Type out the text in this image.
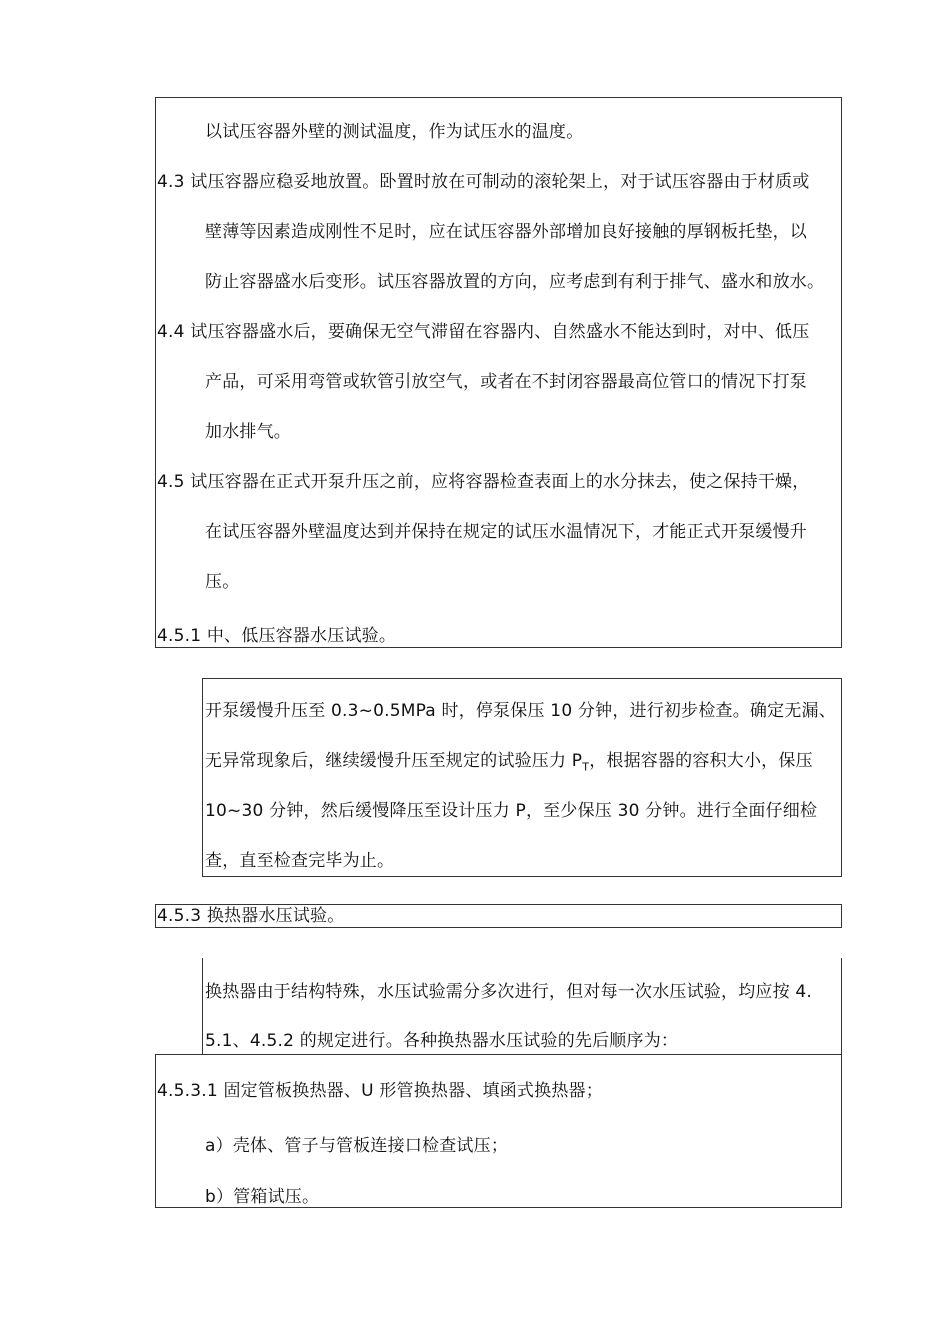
以试压容器外壁的测试温度，作为试压水的温度。
4.3 试压容器应稳妥地放置。卧置时放在可制动的滚轮架上，对于试压容器由于材质或
壁薄等因素造成刚性不足时，应在试压容器外部增加良好接触的厚钢板托垫，以
防止容器盛水后变形。试压容器放置的方向，应考虑到有利于排气、盛水和放水。
4.4 试压容器盛水后，要确保无空气滞留在容器内、自然盛水不能达到时，对中、低压
产品，可采用弯管或软管引放空气，或者在不封闭容器最高位管口的情况下打泵
加水排气。
4.5 试压容器在正式开泵升压之前，应将容器检查表面上的水分抹去，使之保持干燥，
在试压容器外壁温度达到并保持在规定的试压水温情况下，才能正式开泵缓慢升
压。
4.5.1 中、低压容器水压试验。
开泵缓慢升压至 0.3~0.5MPa 时，停泵保压 10 分钟，进行初步检查。确定无漏、
无异常现象后，继续缓慢升压至规定的试验压力 $P_T$，根据容器的容积大小，保压
10~30 分钟，然后缓慢降压至设计压力 P，至少保压 30 分钟。进行全面仔细检
查，直至检查完毕为止。
4.5.3 换热器水压试验。
换热器由于结构特殊，水压试验需分多次进行，但对每一次水压试验，均应按 4.
5.1、4.5.2 的规定进行。各种换热器水压试验的先后顺序为：
4.5.3.1 固定管板换热器、U 形管换热器、填函式换热器；
a）壳体、管子与管板连接口检查试压；
b）管箱试压。
